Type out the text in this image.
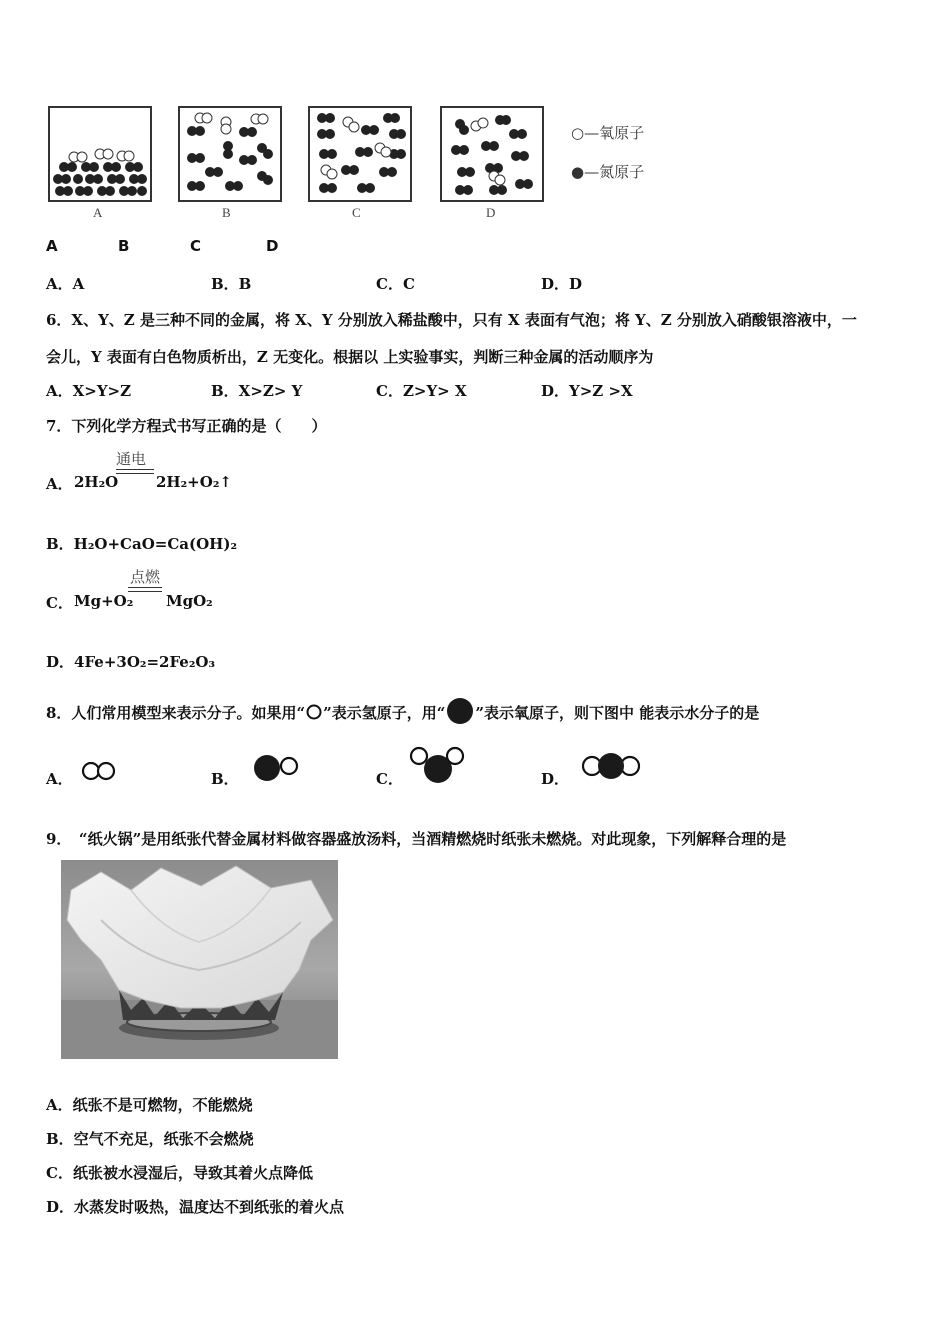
A	B	C	D
○—氧原子
●—氮原子
A	B	C	D
A．A	B．B	C．C	D．D
6．X、Y、Z 是三种不同的金属，将 X、Y 分别放入稀盐酸中，只有 X 表面有气泡；将 Y、Z 分别放入硝酸银溶液中，一
会儿，Y 表面有白色物质析出，Z 无变化。根据以 上实验事实，判断三种金属的活动顺序为
A．X>Y>Z	B．X>Z> Y	C．Z>Y> X	D．Y>Z >X
7．下列化学方程式书写正确的是（　　）
A． 2H₂O
通电
2H₂+O₂↑
B．H₂O+CaO=Ca(OH)₂
C． Mg+O₂
点燃
MgO₂
D．4Fe+3O₂=2Fe₂O₃
8．人们常用模型来表示分子。如果用“ ”表示氢原子，用“ ”表示氧原子，则下图中 能表示水分子的是
A．	B．	C．	D．
9．　“纸火锅”是用纸张代替金属材料做容器盛放汤料，当酒精燃烧时纸张未燃烧。对此现象，下列解释合理的是
A．纸张不是可燃物，不能燃烧
B．空气不充足，纸张不会燃烧
C．纸张被水浸湿后，导致其着火点降低
D．水蒸发时吸热，温度达不到纸张的着火点
